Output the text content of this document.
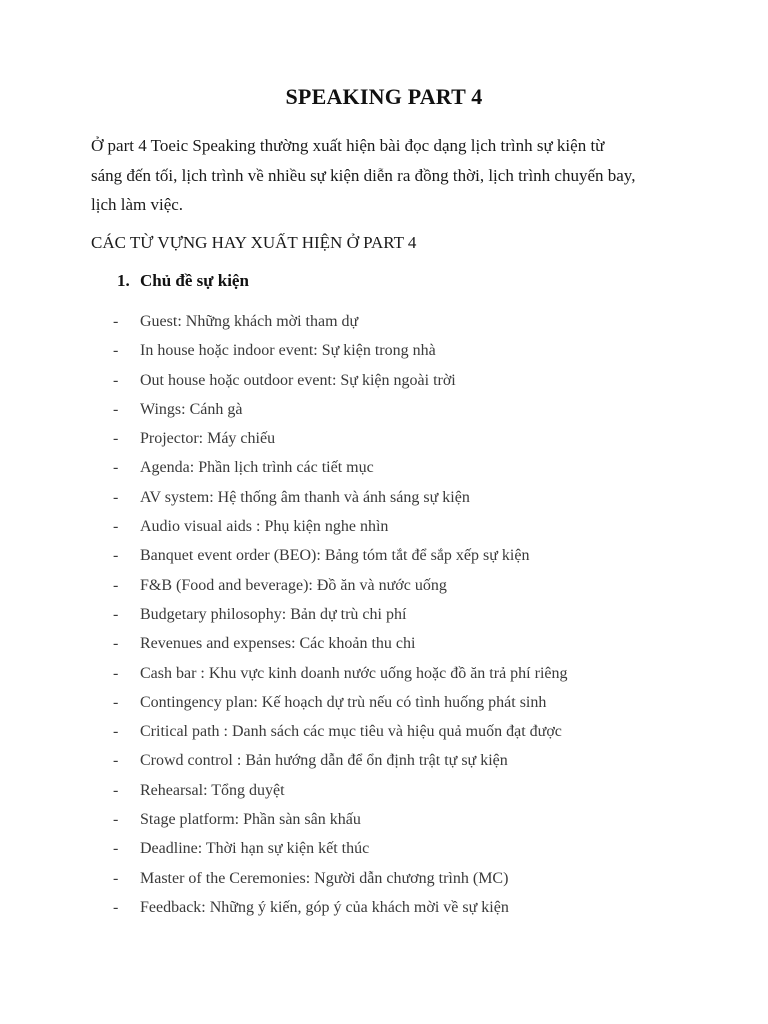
SPEAKING PART 4
Ở part 4 Toeic Speaking thường xuất hiện bài đọc dạng lịch trình sự kiện từ
sáng đến tối, lịch trình về nhiều sự kiện diễn ra đồng thời, lịch trình chuyến bay,
lịch làm việc.
CÁC TỪ VỰNG HAY XUẤT HIỆN Ở PART 4
1. Chủ đề sự kiện
- Guest: Những khách mời tham dự
- In house hoặc indoor event: Sự kiện trong nhà
- Out house hoặc outdoor event: Sự kiện ngoài trời
- Wings: Cánh gà
- Projector: Máy chiếu
- Agenda: Phần lịch trình các tiết mục
- AV system: Hệ thống âm thanh và ánh sáng sự kiện
- Audio visual aids : Phụ kiện nghe nhìn
- Banquet event order (BEO): Bảng tóm tắt để sắp xếp sự kiện
- F&B (Food and beverage): Đồ ăn và nước uống
- Budgetary philosophy: Bản dự trù chi phí
- Revenues and expenses: Các khoản thu chi
- Cash bar : Khu vực kinh doanh nước uống hoặc đồ ăn trả phí riêng
- Contingency plan: Kế hoạch dự trù nếu có tình huống phát sinh
- Critical path : Danh sách các mục tiêu và hiệu quả muốn đạt được
- Crowd control : Bản hướng dẫn để ổn định trật tự sự kiện
- Rehearsal: Tổng duyệt
- Stage platform: Phần sàn sân khấu
- Deadline: Thời hạn sự kiện kết thúc
- Master of the Ceremonies: Người dẫn chương trình (MC)
- Feedback: Những ý kiến, góp ý của khách mời về sự kiện
